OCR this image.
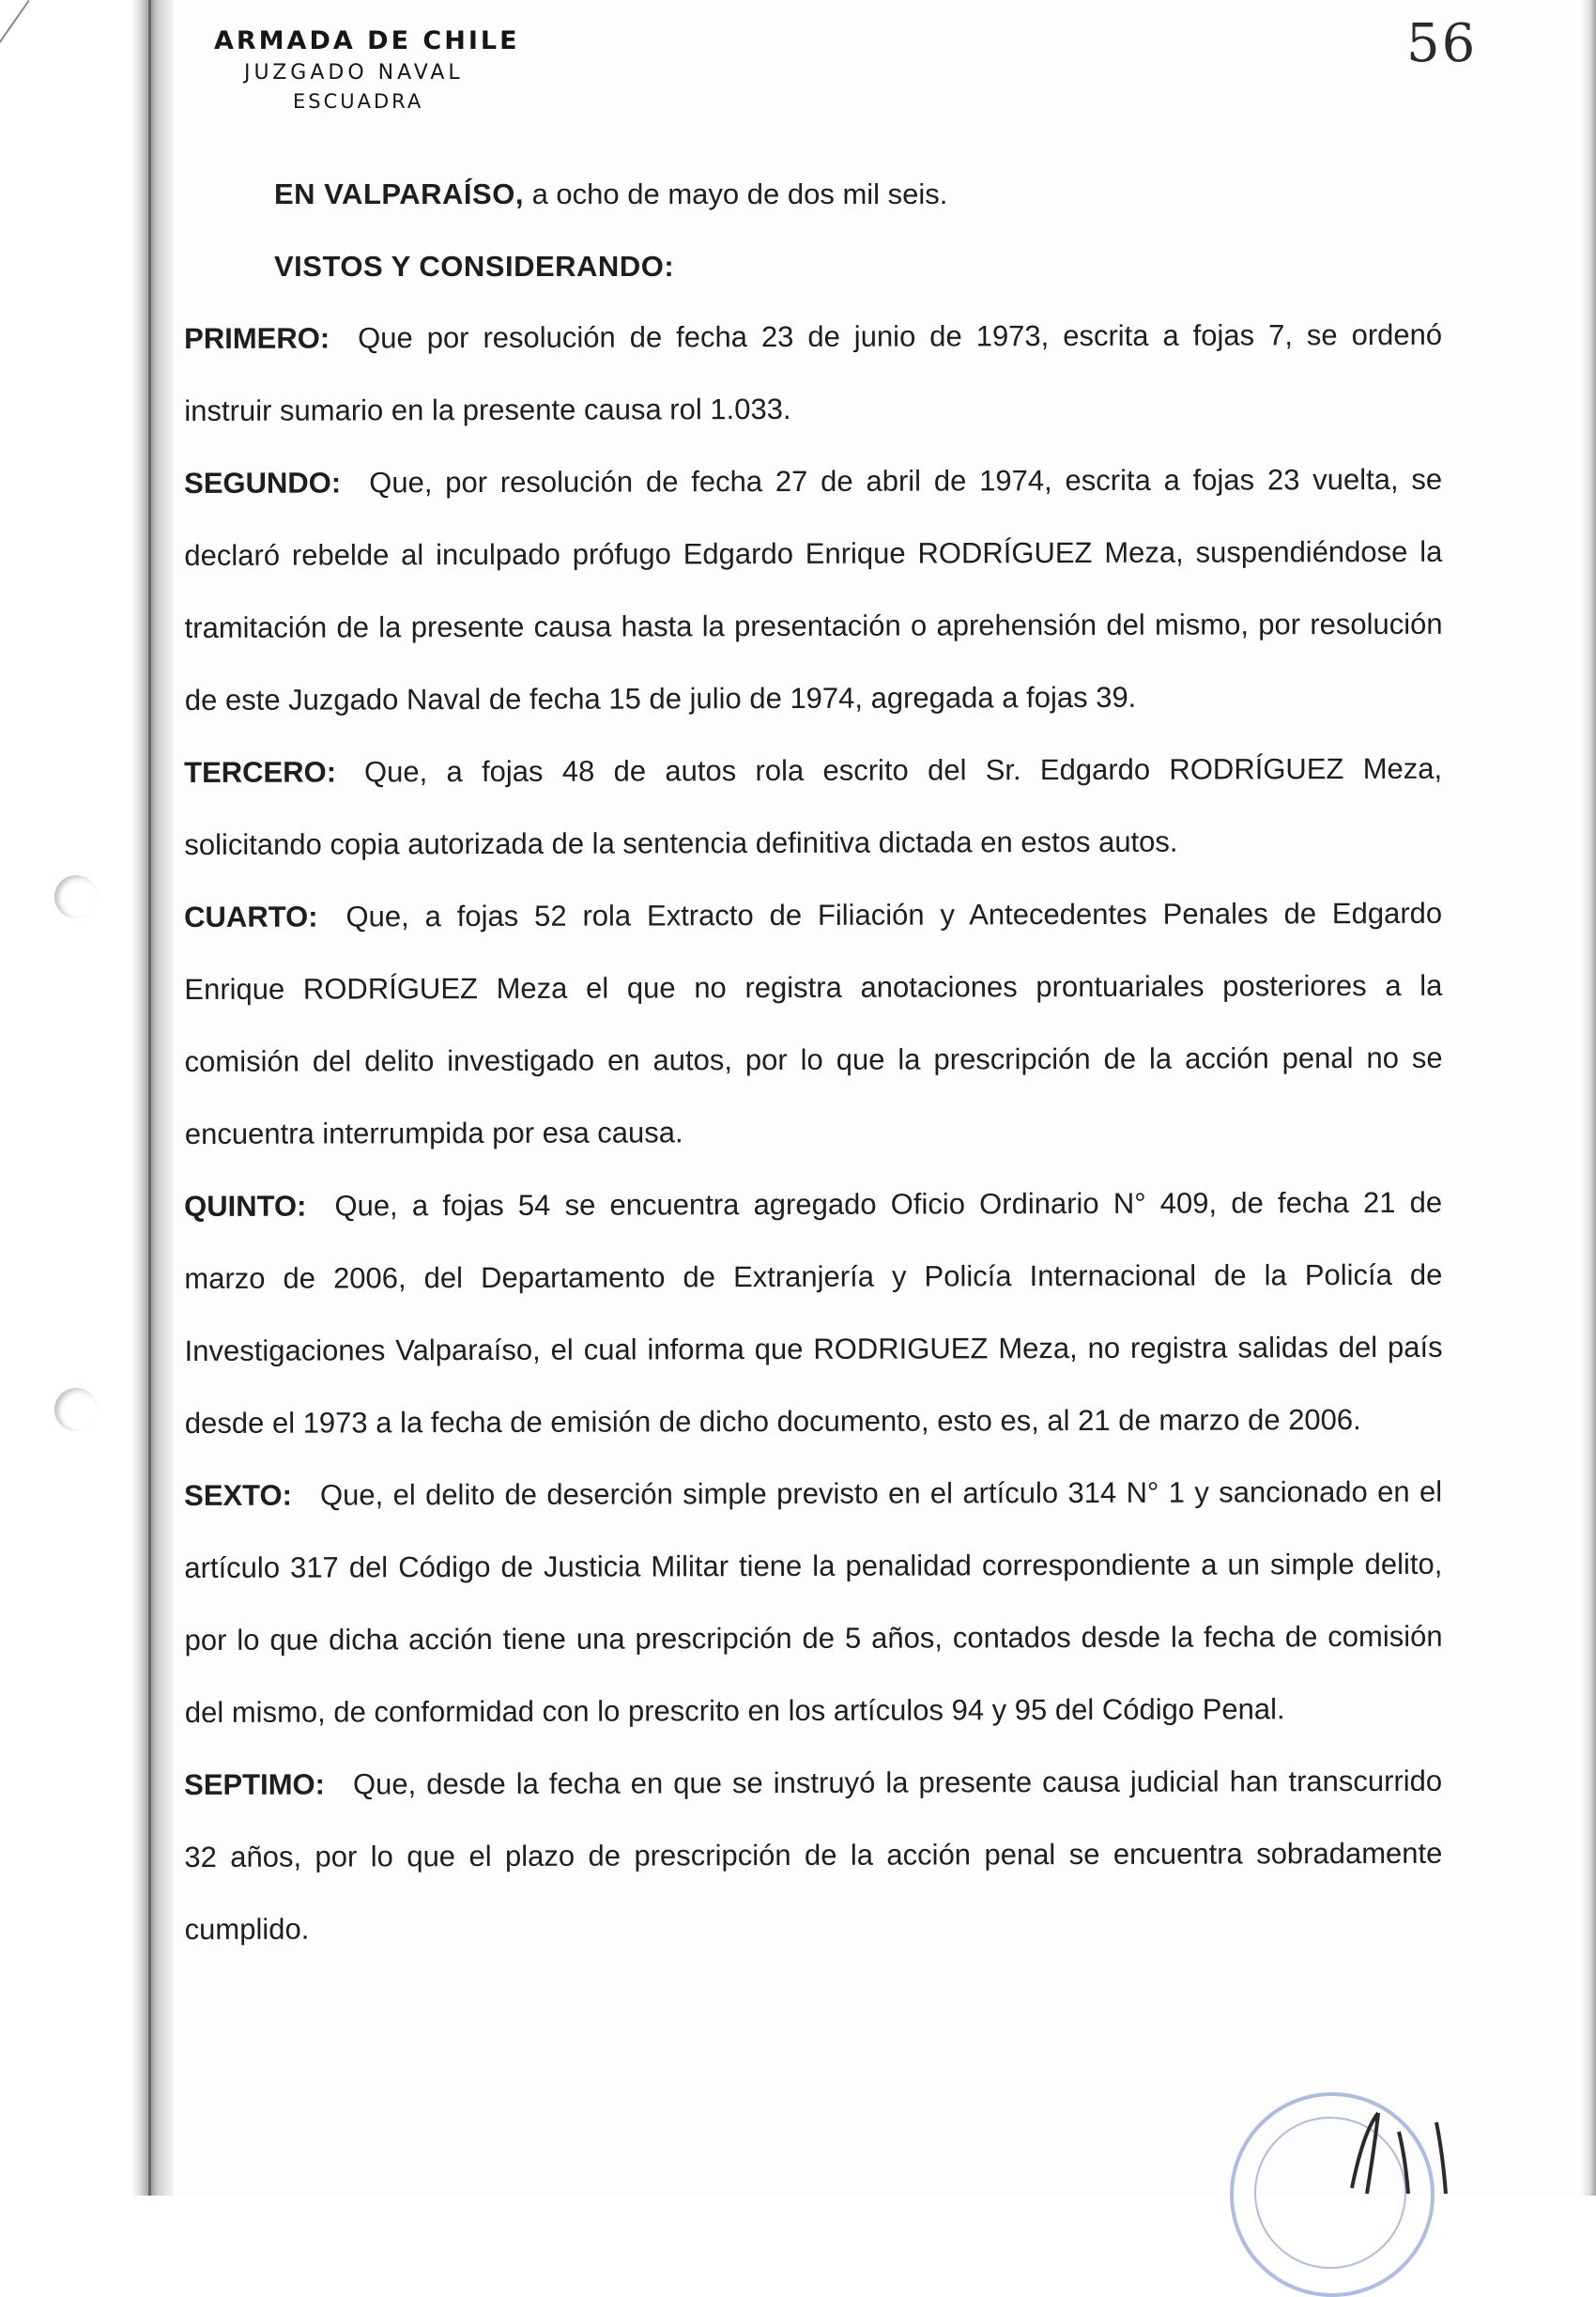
ARMADA DE CHILE
JUZGADO NAVAL
ESCUADRA
56

EN VALPARAÍSO, a ocho de mayo de dos mil seis.

VISTOS Y CONSIDERANDO:

PRIMERO: Que por resolución de fecha 23 de junio de 1973, escrita a fojas 7, se ordenó instruir sumario en la presente causa rol 1.033.

SEGUNDO: Que, por resolución de fecha 27 de abril de 1974, escrita a fojas 23 vuelta, se declaró rebelde al inculpado prófugo Edgardo Enrique RODRÍGUEZ Meza, suspendiéndose la tramitación de la presente causa hasta la presentación o aprehensión del mismo, por resolución de este Juzgado Naval de fecha 15 de julio de 1974, agregada a fojas 39.

TERCERO: Que, a fojas 48 de autos rola escrito del Sr. Edgardo RODRÍGUEZ Meza, solicitando copia autorizada de la sentencia definitiva dictada en estos autos.

CUARTO: Que, a fojas 52 rola Extracto de Filiación y Antecedentes Penales de Edgardo Enrique RODRÍGUEZ Meza el que no registra anotaciones prontuariales posteriores a la comisión del delito investigado en autos, por lo que la prescripción de la acción penal no se encuentra interrumpida por esa causa.

QUINTO: Que, a fojas 54 se encuentra agregado Oficio Ordinario N° 409, de fecha 21 de marzo de 2006, del Departamento de Extranjería y Policía Internacional de la Policía de Investigaciones Valparaíso, el cual informa que RODRIGUEZ Meza, no registra salidas del país desde el 1973 a la fecha de emisión de dicho documento, esto es, al 21 de marzo de 2006.

SEXTO: Que, el delito de deserción simple previsto en el artículo 314 N° 1 y sancionado en el artículo 317 del Código de Justicia Militar tiene la penalidad correspondiente a un simple delito, por lo que dicha acción tiene una prescripción de 5 años, contados desde la fecha de comisión del mismo, de conformidad con lo prescrito en los artículos 94 y 95 del Código Penal.

SEPTIMO: Que, desde la fecha en que se instruyó la presente causa judicial han transcurrido 32 años, por lo que el plazo de prescripción de la acción penal se encuentra sobradamente cumplido.
